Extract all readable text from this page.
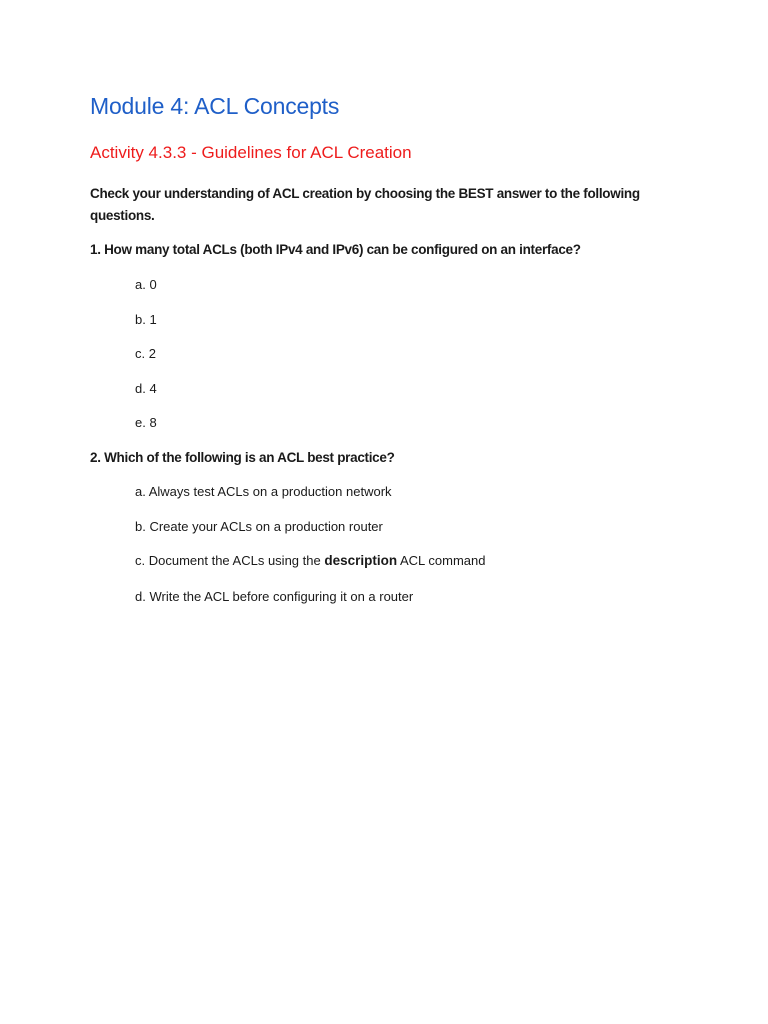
Module 4: ACL Concepts
Activity 4.3.3 - Guidelines for ACL Creation

Check your understanding of ACL creation by choosing the BEST answer to the following questions.

1. How many total ACLs (both IPv4 and IPv6) can be configured on an interface?

a. 0

b. 1

c. 2

d. 4

e. 8

2. Which of the following is an ACL best practice?

a. Always test ACLs on a production network

b. Create your ACLs on a production router

c. Document the ACLs using the description ACL command

d. Write the ACL before configuring it on a router
